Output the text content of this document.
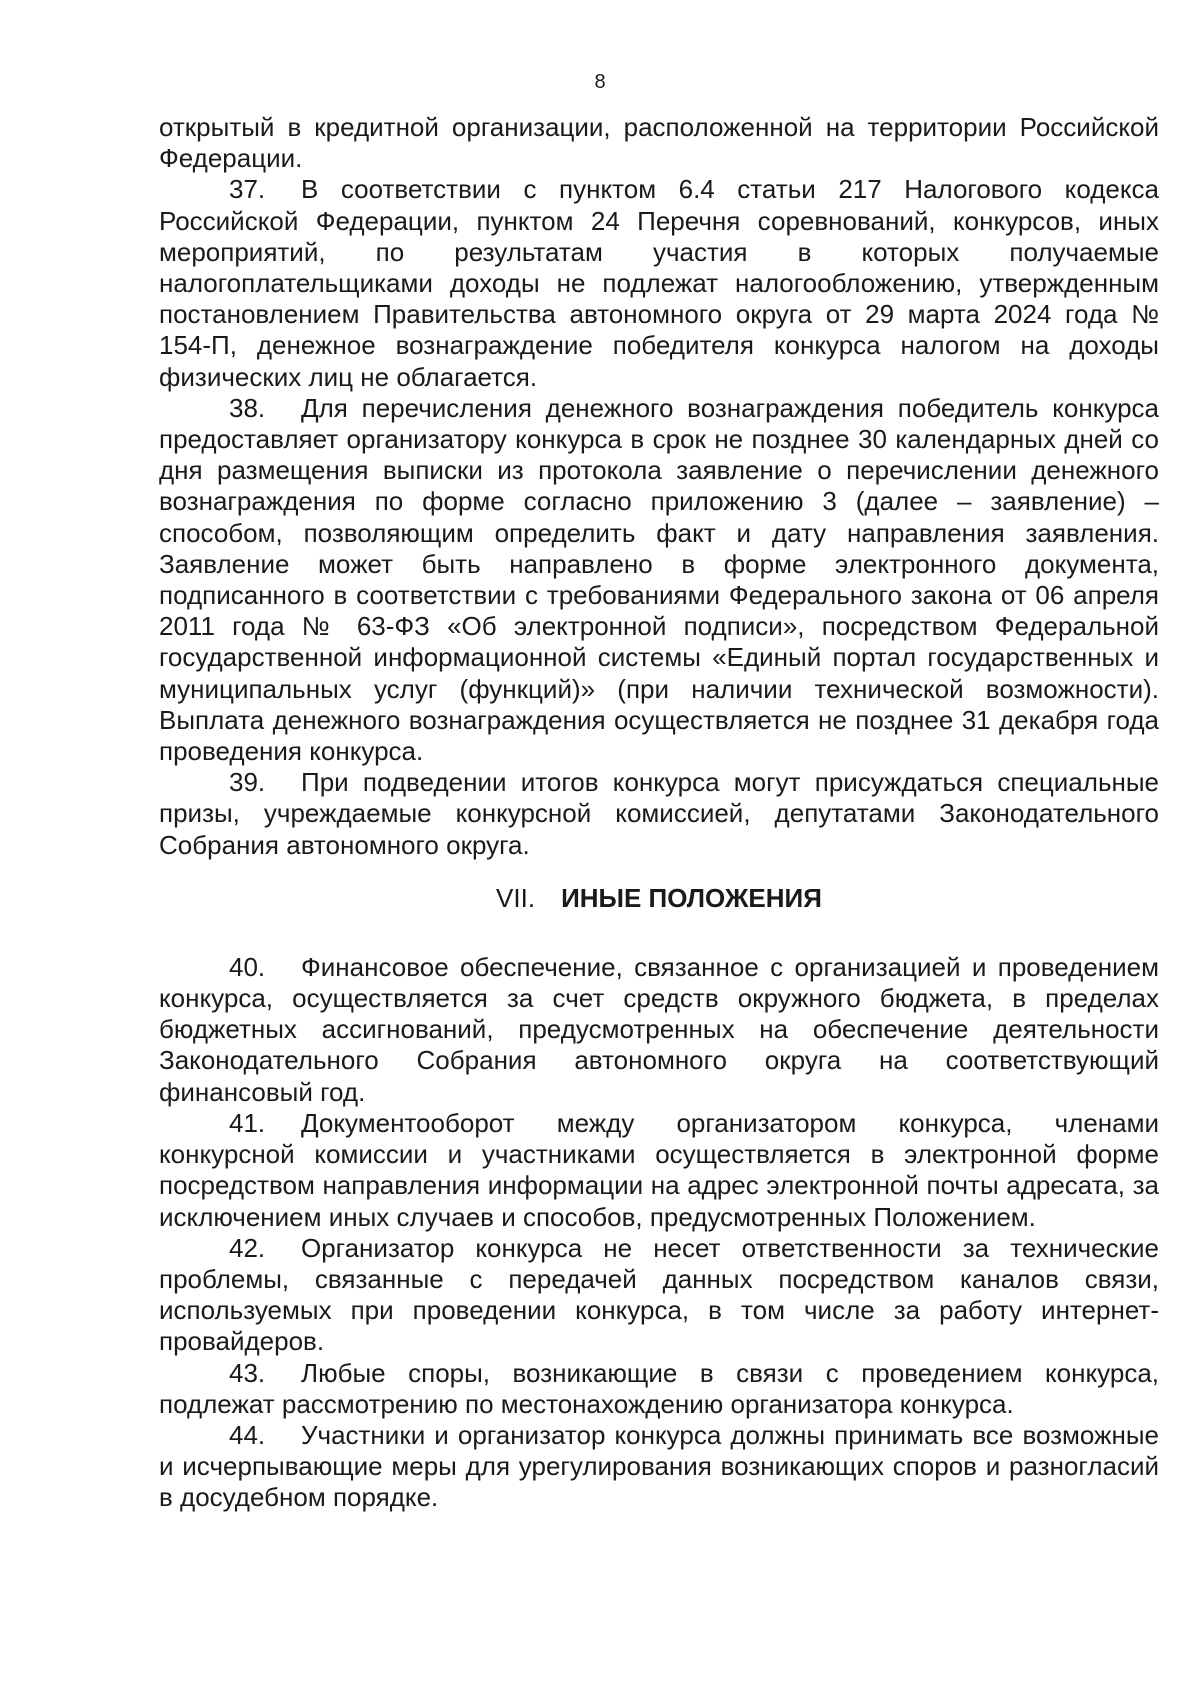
8

открытый в кредитной организации, расположенной на территории Российской Федерации.

37. В соответствии с пунктом 6.4 статьи 217 Налогового кодекса Российской Федерации, пунктом 24 Перечня соревнований, конкурсов, иных мероприятий, по результатам участия в которых получаемые налогоплательщиками доходы не подлежат налогообложению, утвержденным постановлением Правительства автономного округа от 29 марта 2024 года № 154-П, денежное вознаграждение победителя конкурса налогом на доходы физических лиц не облагается.

38. Для перечисления денежного вознаграждения победитель конкурса предоставляет организатору конкурса в срок не позднее 30 календарных дней со дня размещения выписки из протокола заявление о перечислении денежного вознаграждения по форме согласно приложению 3 (далее – заявление) – способом, позволяющим определить факт и дату направления заявления. Заявление может быть направлено в форме электронного документа, подписанного в соответствии с требованиями Федерального закона от 06 апреля 2011 года № 63-ФЗ «Об электронной подписи», посредством Федеральной государственной информационной системы «Единый портал государственных и муниципальных услуг (функций)» (при наличии технической возможности). Выплата денежного вознаграждения осуществляется не позднее 31 декабря года проведения конкурса.

39. При подведении итогов конкурса могут присуждаться специальные призы, учреждаемые конкурсной комиссией, депутатами Законодательного Собрания автономного округа.

VII. ИНЫЕ ПОЛОЖЕНИЯ

40. Финансовое обеспечение, связанное с организацией и проведением конкурса, осуществляется за счет средств окружного бюджета, в пределах бюджетных ассигнований, предусмотренных на обеспечение деятельности Законодательного Собрания автономного округа на соответствующий финансовый год.

41. Документооборот между организатором конкурса, членами конкурсной комиссии и участниками осуществляется в электронной форме посредством направления информации на адрес электронной почты адресата, за исключением иных случаев и способов, предусмотренных Положением.

42. Организатор конкурса не несет ответственности за технические проблемы, связанные с передачей данных посредством каналов связи, используемых при проведении конкурса, в том числе за работу интернет-провайдеров.

43. Любые споры, возникающие в связи с проведением конкурса, подлежат рассмотрению по местонахождению организатора конкурса.

44. Участники и организатор конкурса должны принимать все возможные и исчерпывающие меры для урегулирования возникающих споров и разногласий в досудебном порядке.
